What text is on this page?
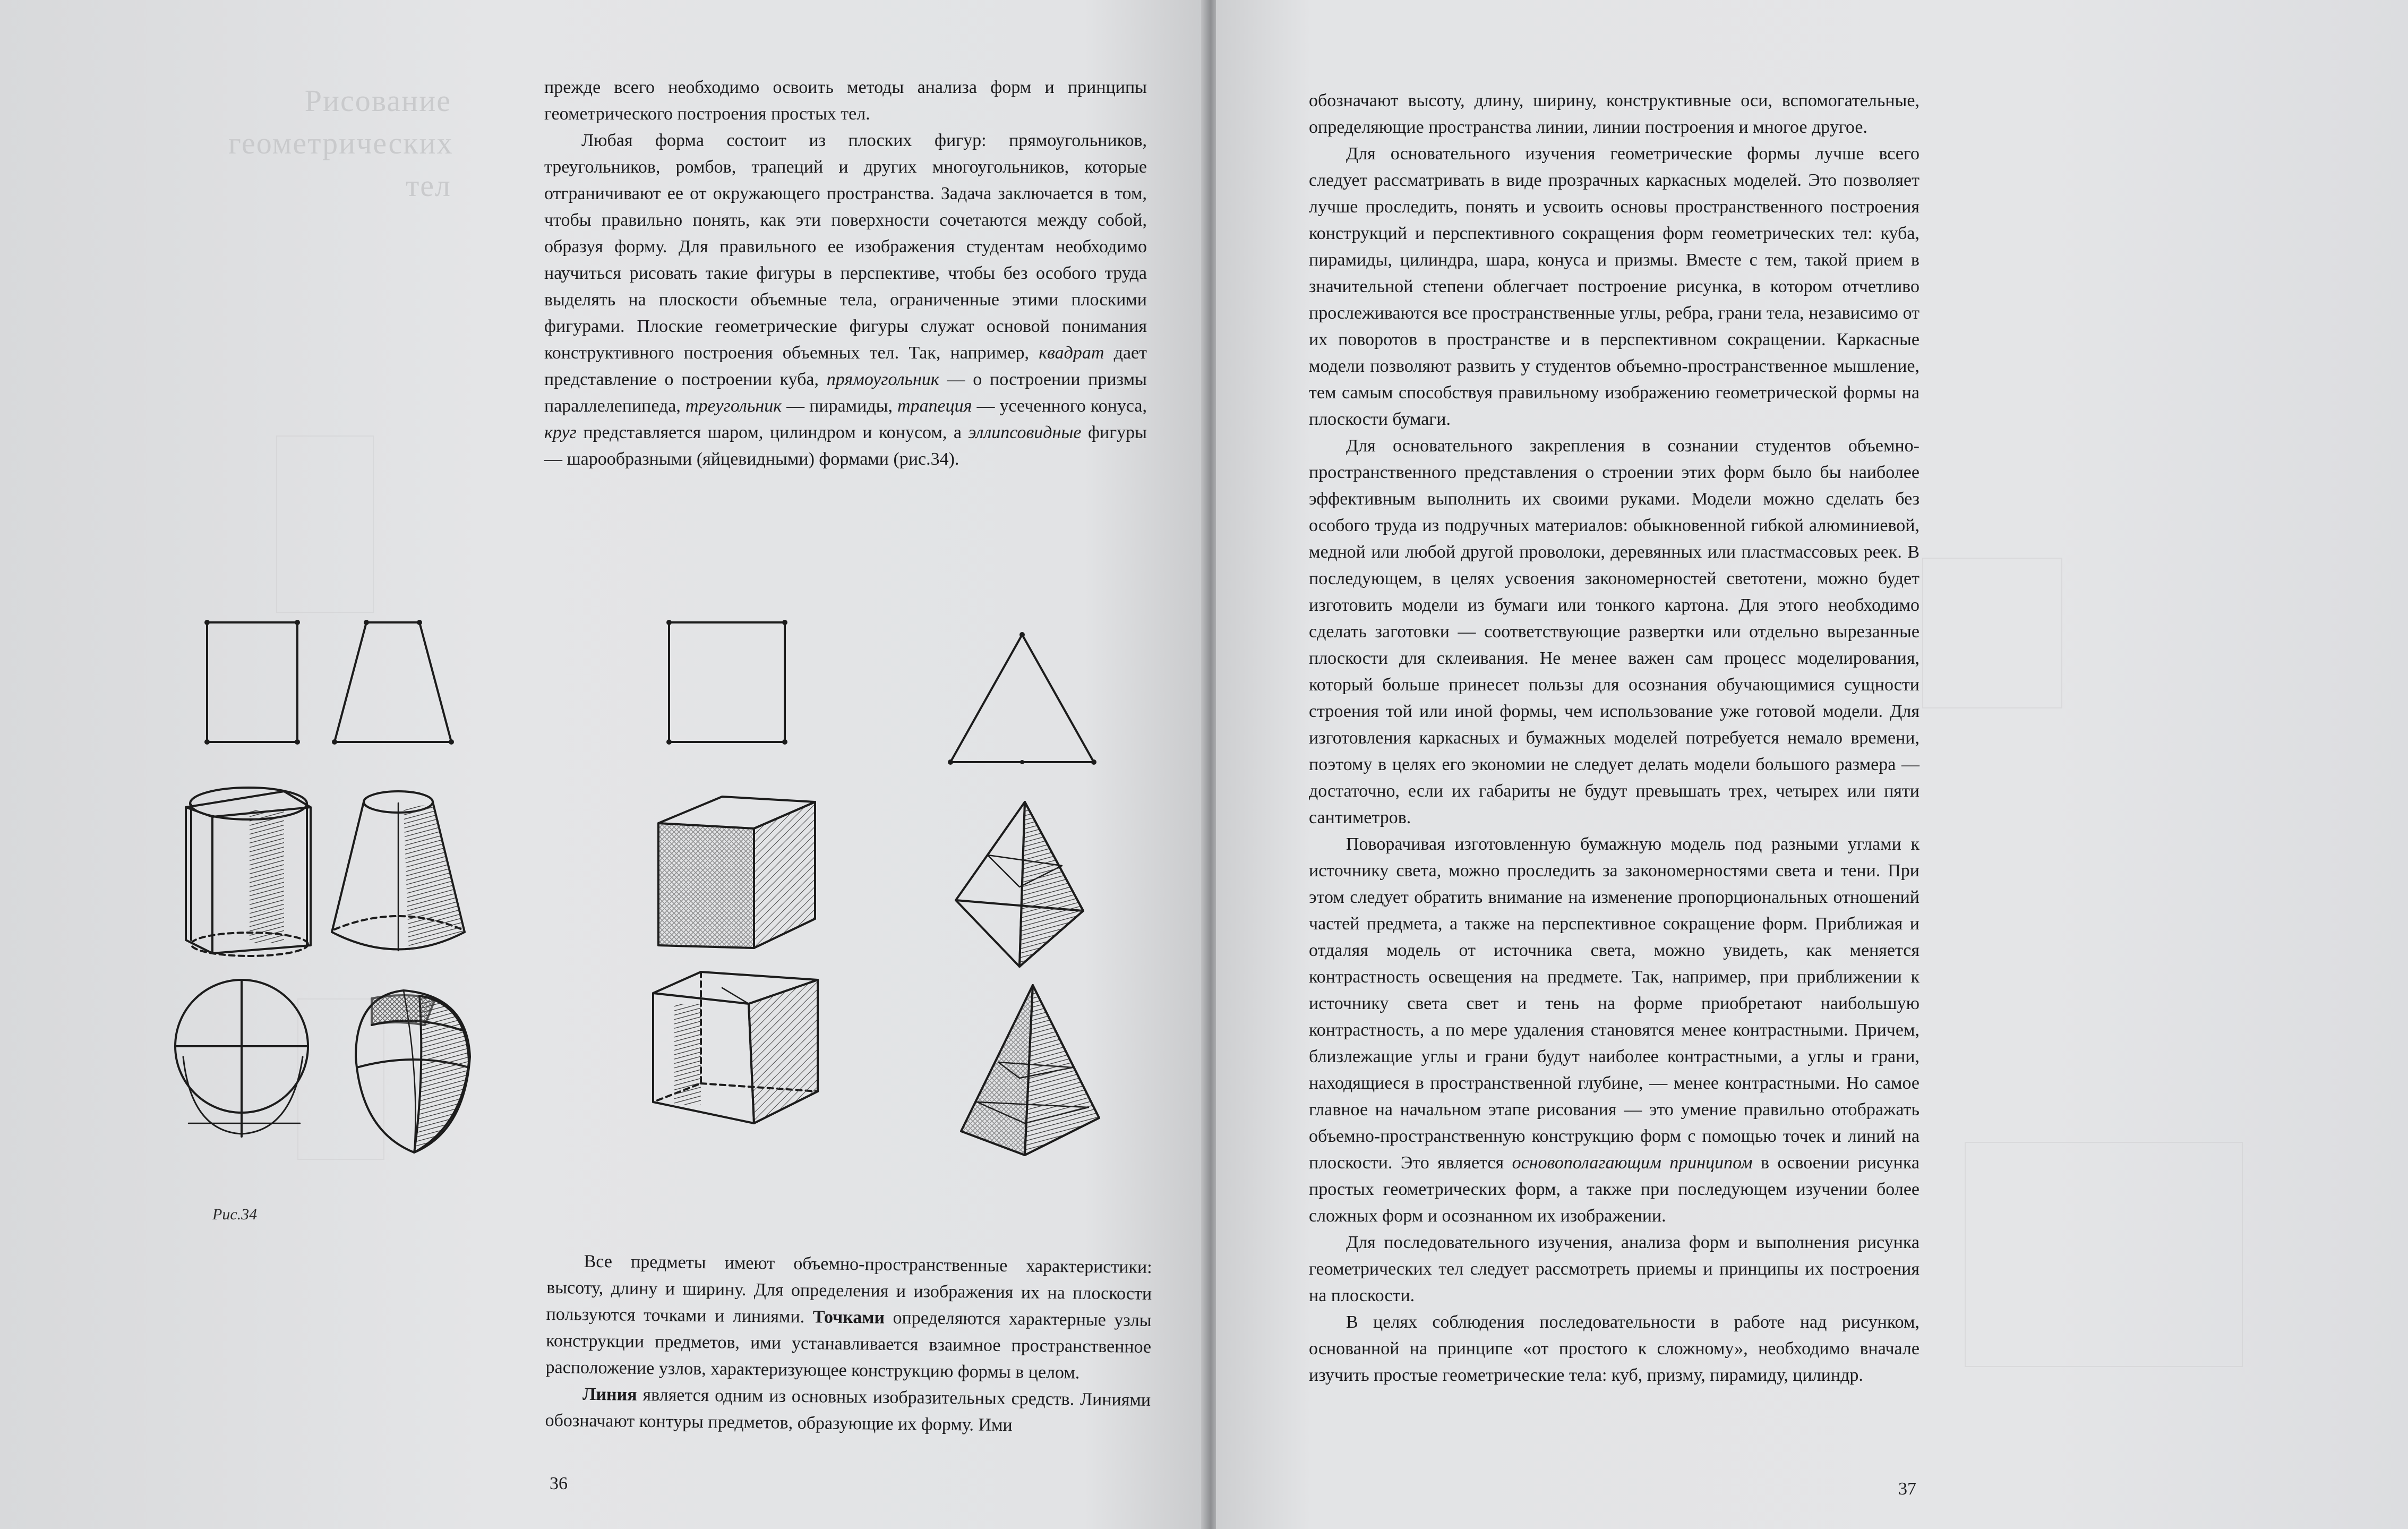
Рисование геометрических тел

прежде всего необходимо освоить методы анализа форм и принципы геометрического построения простых тел.

Любая форма состоит из плоских фигур: прямоугольников, треугольников, ромбов, трапеций и других многоугольников, которые отграничивают ее от окружающего пространства. Задача заключается в том, чтобы правильно понять, как эти поверхности сочетаются между собой, образуя форму. Для правильного ее изображения студентам необходимо научиться рисовать такие фигуры в перспективе, чтобы без особого труда выделять на плоскости объемные тела, ограниченные этими плоскими фигурами. Плоские геометрические фигуры служат основой понимания конструктивного построения объемных тел. Так, например, квадрат дает представление о построении куба, прямоугольник — о построении призмы параллелепипеда, треугольник — пирамиды, трапеция — усеченного конуса, круг представляется шаром, цилиндром и конусом, а эллипсовидные фигуры — шарообразными (яйцевидными) формами (рис.34).

Рис.34

Все предметы имеют объемно-пространственные характеристики: высоту, длину и ширину. Для определения и изображения их на плоскости пользуются точками и линиями. Точками определяются характерные узлы конструкции предметов, ими устанавливается взаимное пространственное расположение узлов, характеризующее конструкцию формы в целом.

Линия является одним из основных изобразительных средств. Линиями обозначают контуры предметов, образующие их форму. Ими

36

обозначают высоту, длину, ширину, конструктивные оси, вспомогательные, определяющие пространства линии, линии построения и многое другое.

Для основательного изучения геометрические формы лучше всего следует рассматривать в виде прозрачных каркасных моделей. Это позволяет лучше проследить, понять и усвоить основы пространственного построения конструкций и перспективного сокращения форм геометрических тел: куба, пирамиды, цилиндра, шара, конуса и призмы. Вместе с тем, такой прием в значительной степени облегчает построение рисунка, в котором отчетливо прослеживаются все пространственные углы, ребра, грани тела, независимо от их поворотов в пространстве и в перспективном сокращении. Каркасные модели позволяют развить у студентов объемно-пространственное мышление, тем самым способствуя правильному изображению геометрической формы на плоскости бумаги.

Для основательного закрепления в сознании студентов объемно-пространственного представления о строении этих форм было бы наиболее эффективным выполнить их своими руками. Модели можно сделать без особого труда из подручных материалов: обыкновенной гибкой алюминиевой, медной или любой другой проволоки, деревянных или пластмассовых реек. В последующем, в целях усвоения закономерностей светотени, можно будет изготовить модели из бумаги или тонкого картона. Для этого необходимо сделать заготовки — соответствующие развертки или отдельно вырезанные плоскости для склеивания. Не менее важен сам процесс моделирования, который больше принесет пользы для осознания обучающимися сущности строения той или иной формы, чем использование уже готовой модели. Для изготовления каркасных и бумажных моделей потребуется немало времени, поэтому в целях его экономии не следует делать модели большого размера — достаточно, если их габариты не будут превышать трех, четырех или пяти сантиметров.

Поворачивая изготовленную бумажную модель под разными углами к источнику света, можно проследить за закономерностями света и тени. При этом следует обратить внимание на изменение пропорциональных отношений частей предмета, а также на перспективное сокращение форм. Приближая и отдаляя модель от источника света, можно увидеть, как меняется контрастность освещения на предмете. Так, например, при приближении к источнику света свет и тень на форме приобретают наибольшую контрастность, а по мере удаления становятся менее контрастными. Причем, близлежащие углы и грани будут наиболее контрастными, а углы и грани, находящиеся в пространственной глубине, — менее контрастными. Но самое главное на начальном этапе рисования — это умение правильно отображать объемно-пространственную конструкцию форм с помощью точек и линий на плоскости. Это является основополагающим принципом в освоении рисунка простых геометрических форм, а также при последующем изучении более сложных форм и осознанном их изображении.

Для последовательного изучения, анализа форм и выполнения рисунка геометрических тел следует рассмотреть приемы и принципы их построения на плоскости.

В целях соблюдения последовательности в работе над рисунком, основанной на принципе «от простого к сложному», необходимо вначале изучить простые геометрические тела: куб, призму, пирамиду, цилиндр.

37
